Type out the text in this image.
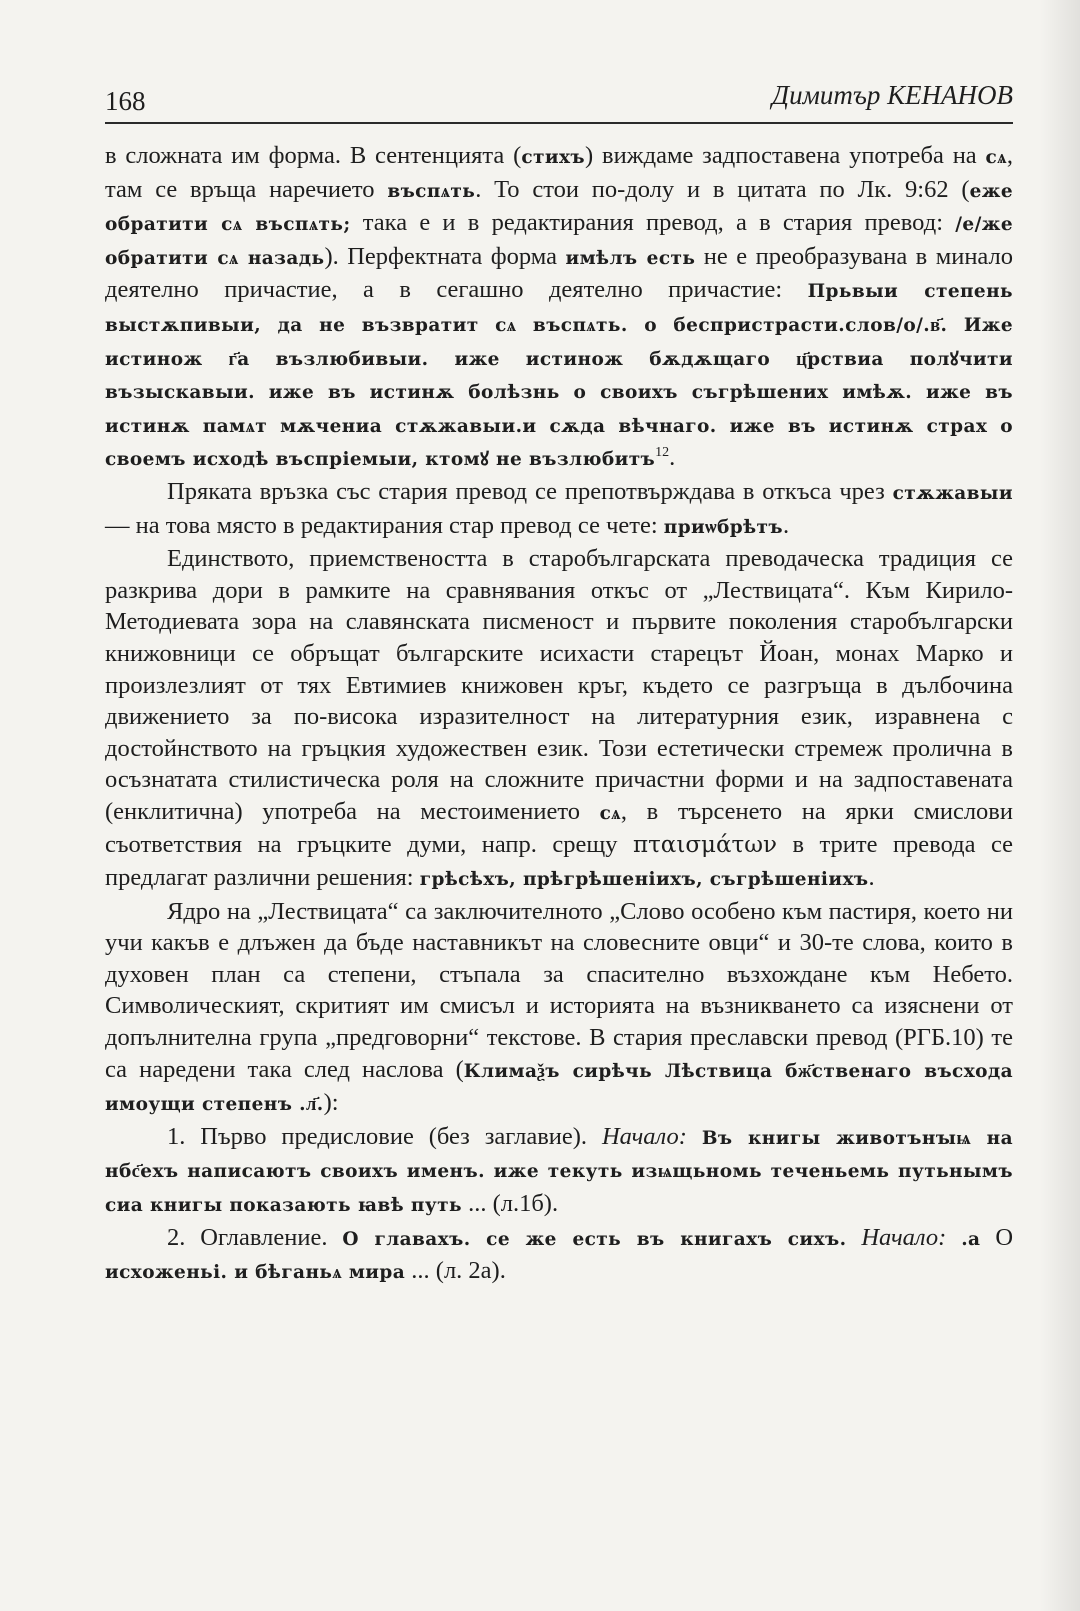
168	Димитър КЕНАНОВ

в сложната им форма. В сентенцията (стихъ) виждаме задпоставена употреба на сѧ, там се връща наречието въспѧть. То стои по-долу и в цитата по Лк. 9:62 (еже обратити сѧ въспѧть; така е и в редактирания превод, а в стария превод: /е/же обратити сѧ назадь). Перфектната форма имѣлъ есть не е преобразувана в минало деятелно причастие, а в сегашно деятелно причастие: Прьвыи степень выстѫпивыи, да не възвратит сѧ въспѧть. о беспристрасти.слов/о/.в҃. Иже истинож г҃а възлюбивыи. иже истинож бѫдѫщаго ц҃рствиа полꙋчити възыскавыи. иже въ истинѫ болѣзнь о своихъ съгрѣшених имѣѫ. иже въ истинѫ памѧт мѫчениа стѫжавыи.и сѫда вѣчнаго. иже въ истинѫ страх о своемъ исходѣ въспрiемыи, ктомꙋ не възлюбитъ$^{12}$.

Пряката връзка със стария превод се препотвърждава в откъса чрез стѫжавыи — на това място в редактирания стар превод се чете: приѡбрѣтъ.

Единството, приемствеността в старобългарската преводаческа традиция се разкрива дори в рамките на сравнявания откъс от „Лествицата“. Към Кирило-Методиевата зора на славянската писменост и първите поколения старобългарски книжовници се обръщат българските исихасти старецът Йоан, монах Марко и произлезлият от тях Евтимиев книжовен кръг, където се разгръща в дълбочина движението за по-висока изразителност на литературния език, изравнена с достойнството на гръцкия художествен език. Този естетически стремеж пролична в осъзнатата стилистическа роля на сложните причастни форми и на задпоставената (енклитична) употреба на местоимението сѧ, в търсенето на ярки смислови съответствия на гръцките думи, напр. срещу πταισμάτων в трите превода се предлагат различни решения: грѣсѣхъ, прѣгрѣшенiихъ, съгрѣшенiихъ.

Ядро на „Лествицата“ са заключителното „Слово особено към пастиря, което ни учи какъв е длъжен да бъде наставникът на словесните овци“ и 30-те слова, които в духовен план са степени, стъпала за спасително възхождане към Небето. Символическият, скритият им смисъл и историята на възникването са изяснени от допълнителна група „предговорни“ текстове. В стария преславски превод (РГБ.10) те са наредени така след наслова (Климаѯъ сирѣчь Лѣствица бж҃ственаго въсхода имоущи степенъ .л҃.):

1. Първо предисловие (без заглавие). Начало: Въ книгы животънꙑѩ на нбс҃ехъ написаютъ своихъ именъ. иже текуть изѩщьномь теченьемь путьнымъ сиа книгы показають ꙗвѣ путь ... (л.1б).

2. Оглавление. О главахъ. се же есть въ книгахъ сихъ. Начало: .а О исхоженьі. и бѣганьѧ мира ... (л. 2а).
